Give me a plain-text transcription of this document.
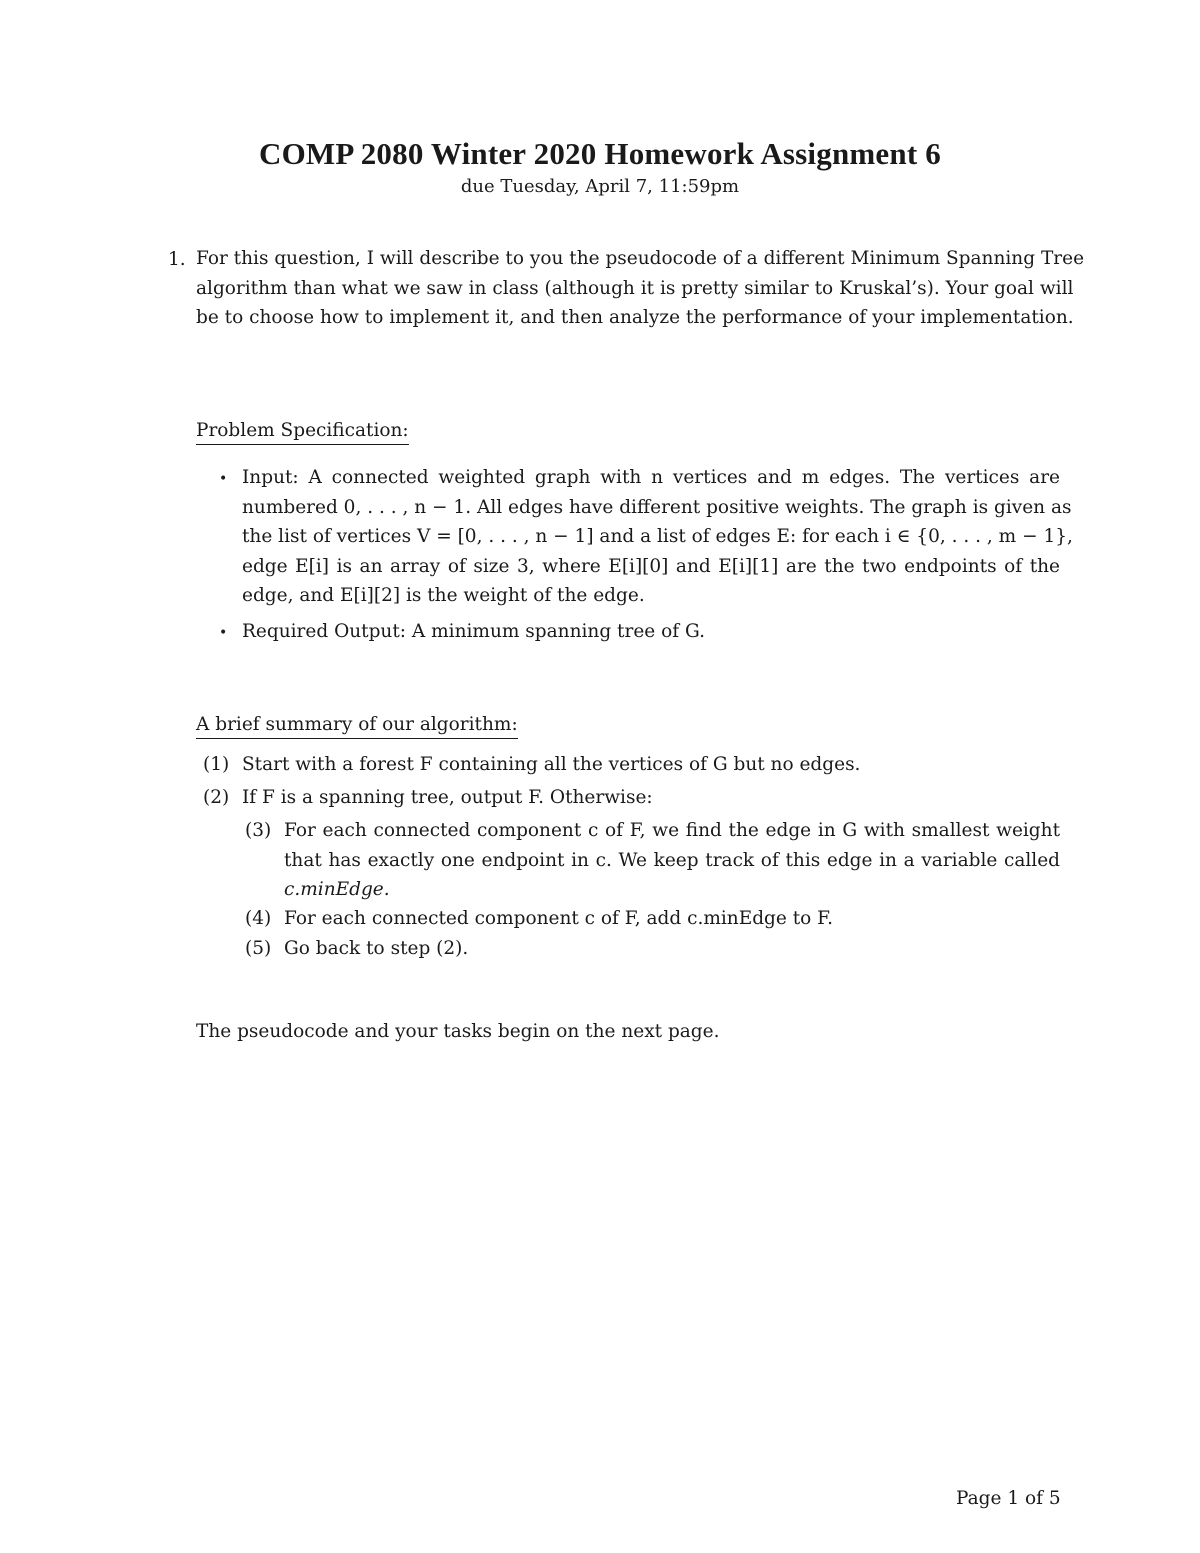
COMP 2080 Winter 2020 Homework Assignment 6
due Tuesday, April 7, 11:59pm
1. For this question, I will describe to you the pseudocode of a different Minimum Spanning Tree
algorithm than what we saw in class (although it is pretty similar to Kruskal’s). Your goal will
be to choose how to implement it, and then analyze the performance of your implementation.
Problem Specification:
• Input: A connected weighted graph with n vertices and m edges. The vertices are
numbered 0, . . . , n − 1. All edges have different positive weights. The graph is given as
the list of vertices V = [0, . . . , n − 1] and a list of edges E: for each i ∈ {0, . . . , m − 1},
edge E[i] is an array of size 3, where E[i][0] and E[i][1] are the two endpoints of the
edge, and E[i][2] is the weight of the edge.
• Required Output: A minimum spanning tree of G.
A brief summary of our algorithm:
(1) Start with a forest F containing all the vertices of G but no edges.
(2) If F is a spanning tree, output F. Otherwise:
(3) For each connected component c of F, we find the edge in G with smallest weight
that has exactly one endpoint in c. We keep track of this edge in a variable called
c.minEdge.
(4) For each connected component c of F, add c.minEdge to F.
(5) Go back to step (2).
The pseudocode and your tasks begin on the next page.
Page 1 of 5
